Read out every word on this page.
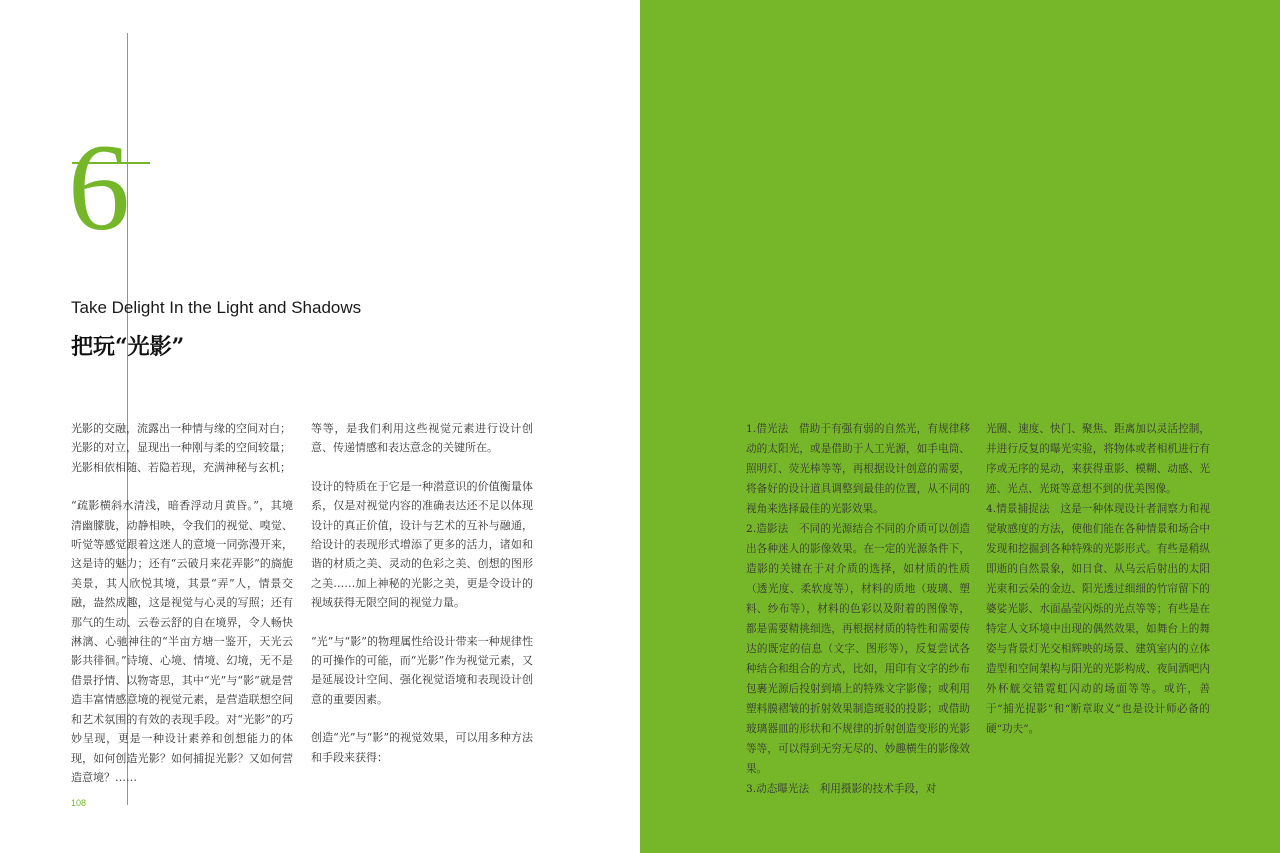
6
Take Delight In the Light and Shadows
把玩“光影”

光影的交融，流露出一种情与缘的空间对白；
光影的对立，显现出一种刚与柔的空间较量；
光影相依相随、若隐若现，充满神秘与玄机；

“疏影横斜水清浅，暗香浮动月黄昏。”，其境清幽朦胧，动静相映，令我们的视觉、嗅觉、听觉等感觉跟着这迷人的意境一同弥漫开来，这是诗的魅力；还有“云破月来花弄影”的旖旎美景，其人欣悦其境，其景“弄”人，情景交融，盎然成趣，这是视觉与心灵的写照；还有那气的生动、云卷云舒的自在境界，令人畅快淋漓、心驰神往的“半亩方塘一鉴开，天光云影共徘徊。”诗境、心境、情境、幻境，无不是借景抒情、以物寄思，其中“光”与“影”就是营造丰富情感意境的视觉元素，是营造联想空间和艺术氛围的有效的表现手段。对“光影”的巧妙呈现，更是一种设计素养和创想能力的体现，如何创造光影？如何捕捉光影？又如何营造意境？……

等等，是我们利用这些视觉元素进行设计创意、传递情感和表达意念的关键所在。

设计的特质在于它是一种潜意识的价值衡量体系，仅是对视觉内容的准确表达还不足以体现设计的真正价值，设计与艺术的互补与融通，给设计的表现形式增添了更多的活力，诸如和谐的材质之美、灵动的色彩之美、创想的图形之美……加上神秘的光影之美，更是令设计的视域获得无限空间的视觉力量。

“光”与“影”的物理属性给设计带来一种规律性的可操作的可能，而“光影”作为视觉元素，又是延展设计空间、强化视觉语境和表现设计创意的重要因素。

创造“光”与“影”的视觉效果，可以用多种方法和手段来获得：

108

1.借光法　借助于有强有弱的自然光，有规律移动的太阳光，或是借助于人工光源，如手电筒、照明灯、荧光棒等等，再根据设计创意的需要，将备好的设计道具调整到最佳的位置，从不同的视角来选择最佳的光影效果。

2.造影法　不同的光源结合不同的介质可以创造出各种迷人的影像效果。在一定的光源条件下，造影的关键在于对介质的选择，如材质的性质（透光度、柔软度等），材料的质地（玻璃、塑料、纱布等），材料的色彩以及附着的图像等，都是需要精挑细选，再根据材质的特性和需要传达的既定的信息（文字、图形等），反复尝试各种结合和组合的方式，比如，用印有文字的纱布包裹光源后投射到墙上的特殊文字影像；或利用塑料膜褶皱的折射效果制造斑驳的投影；或借助玻璃器皿的形状和不规律的折射创造变形的光影等等，可以得到无穷无尽的、妙趣横生的影像效果。

3.动态曝光法　利用摄影的技术手段，对

光圈、速度、快门、聚焦、距离加以灵活控制，并进行反复的曝光实验，将物体或者相机进行有序或无序的晃动，来获得重影、模糊、动感、光迹、光点、光斑等意想不到的优美图像。

4.情景捕捉法　这是一种体现设计者洞察力和视觉敏感度的方法，使他们能在各种情景和场合中发现和挖掘到各种特殊的光影形式。有些是稍纵即逝的自然景象，如日食、从乌云后射出的太阳光束和云朵的金边、阳光透过细细的竹帘留下的婆娑光影、水面晶莹闪烁的光点等等；有些是在特定人文环境中出现的偶然效果，如舞台上的舞姿与背景灯光交相辉映的场景、建筑室内的立体造型和空间架构与阳光的光影构成、夜间酒吧内外杯觥交错霓虹闪动的场面等等。或许，善于“捕光捉影”和“断章取义”也是设计师必备的硬“功夫”。
